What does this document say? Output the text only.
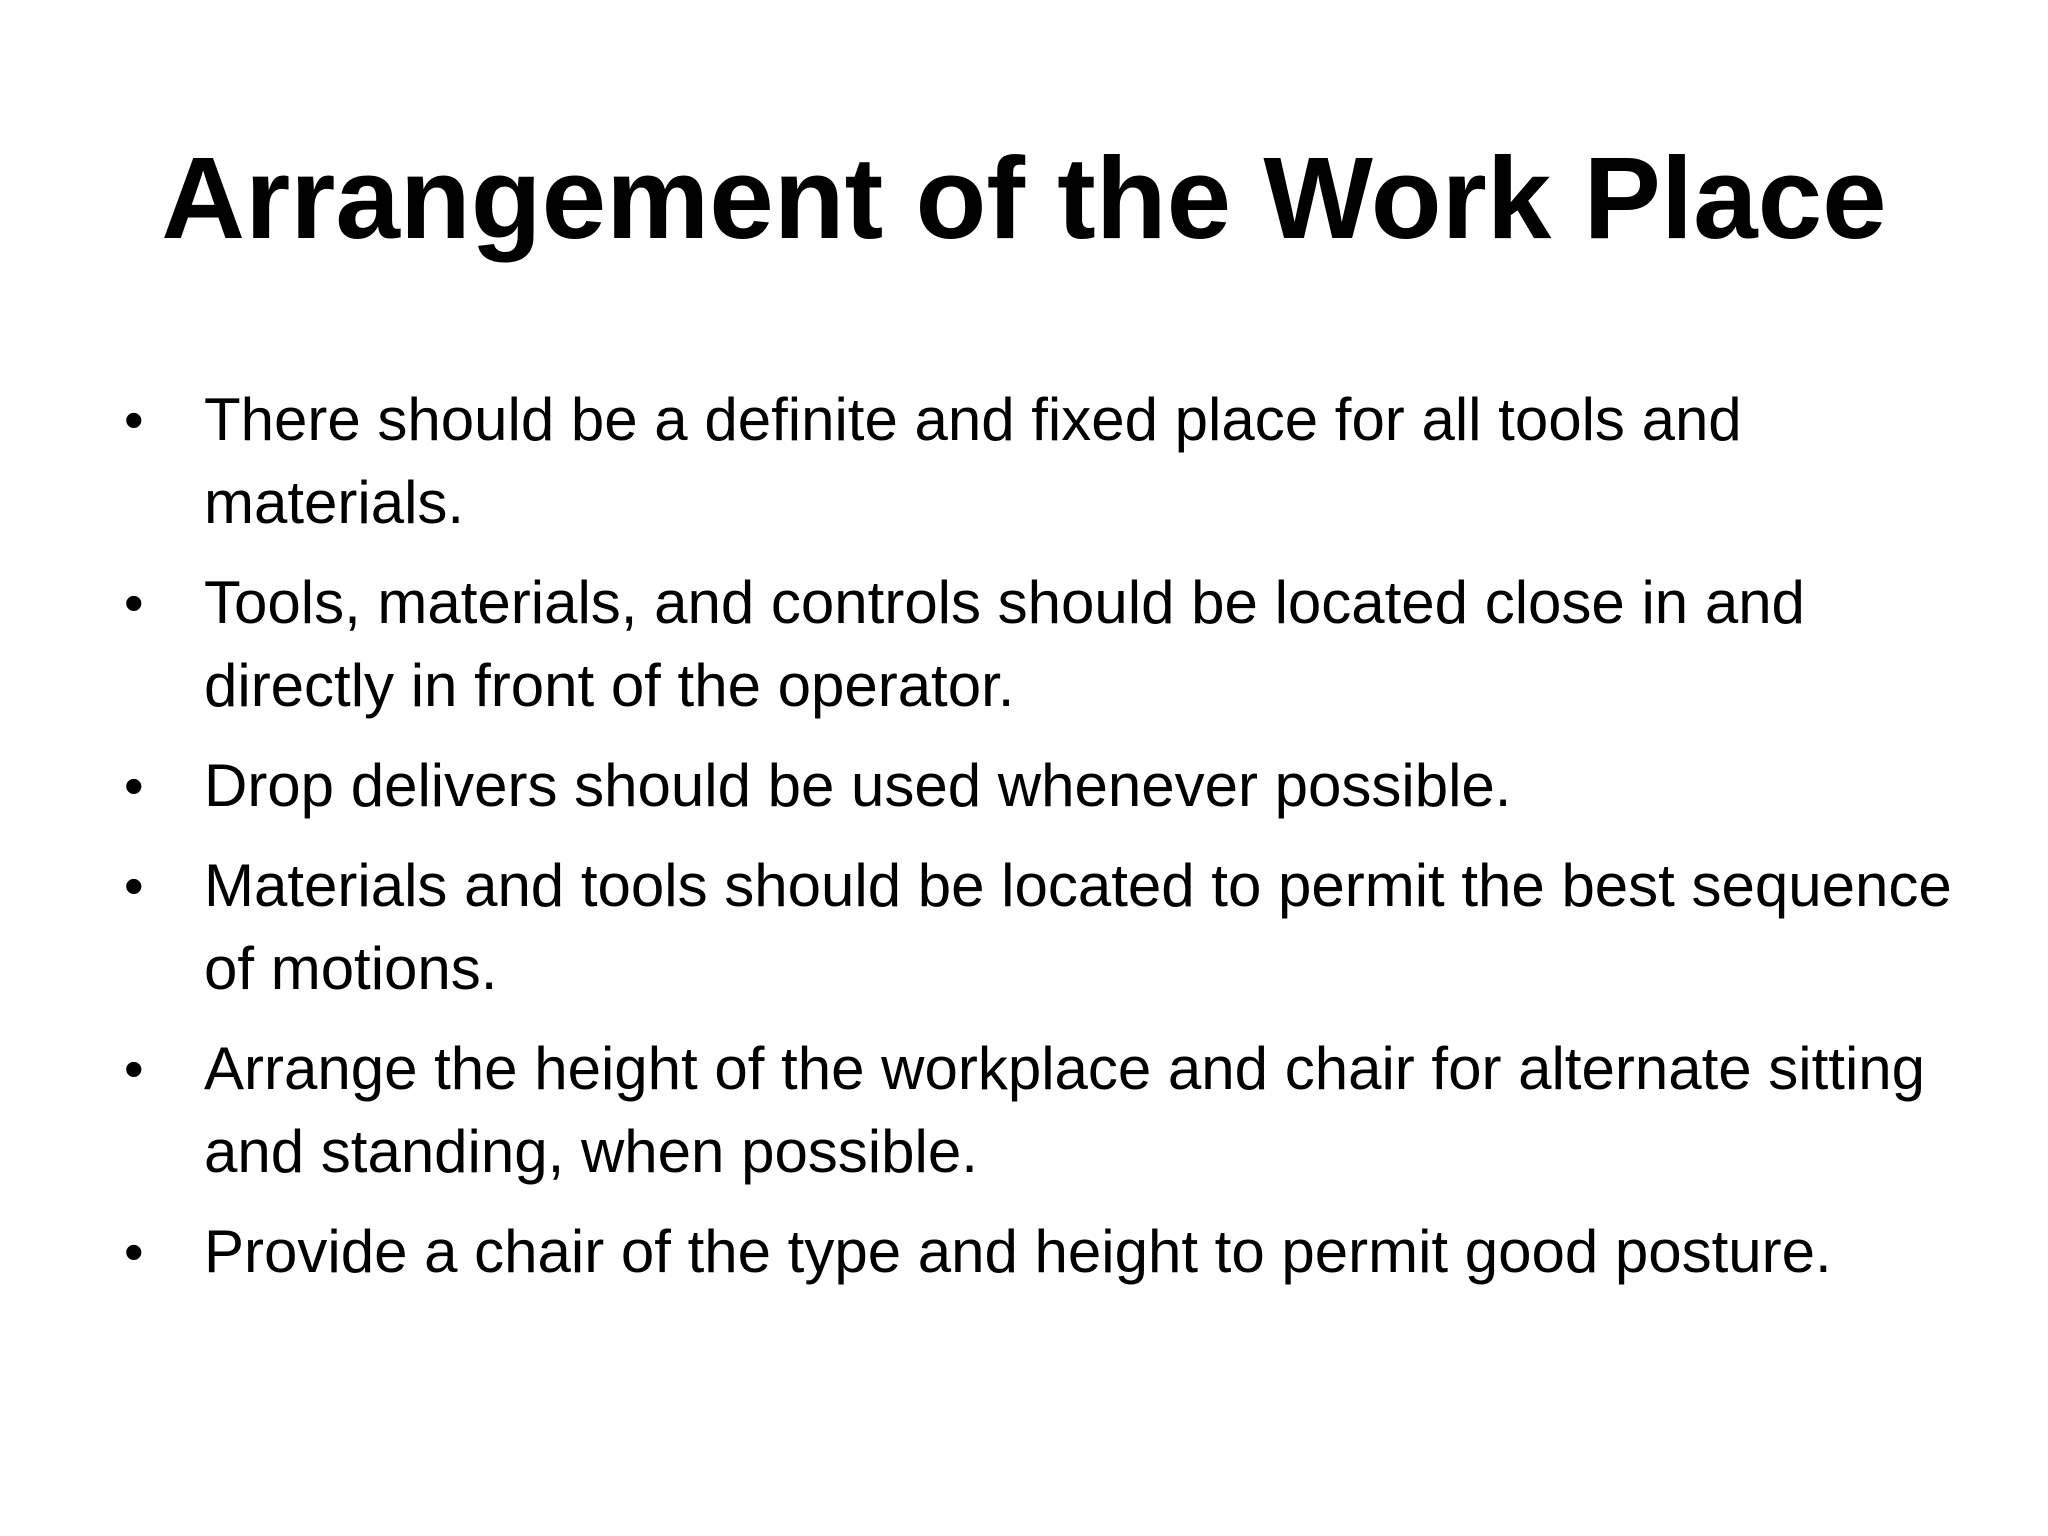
Arrangement of the Work Place
• There should be a definite and fixed place for all tools and materials.
• Tools, materials, and controls should be located close in and directly in front of the operator.
• Drop delivers should be used whenever possible.
• Materials and tools should be located to permit the best sequence of motions.
• Arrange the height of the workplace and chair for alternate sitting and standing, when possible.
• Provide a chair of the type and height to permit good posture.
